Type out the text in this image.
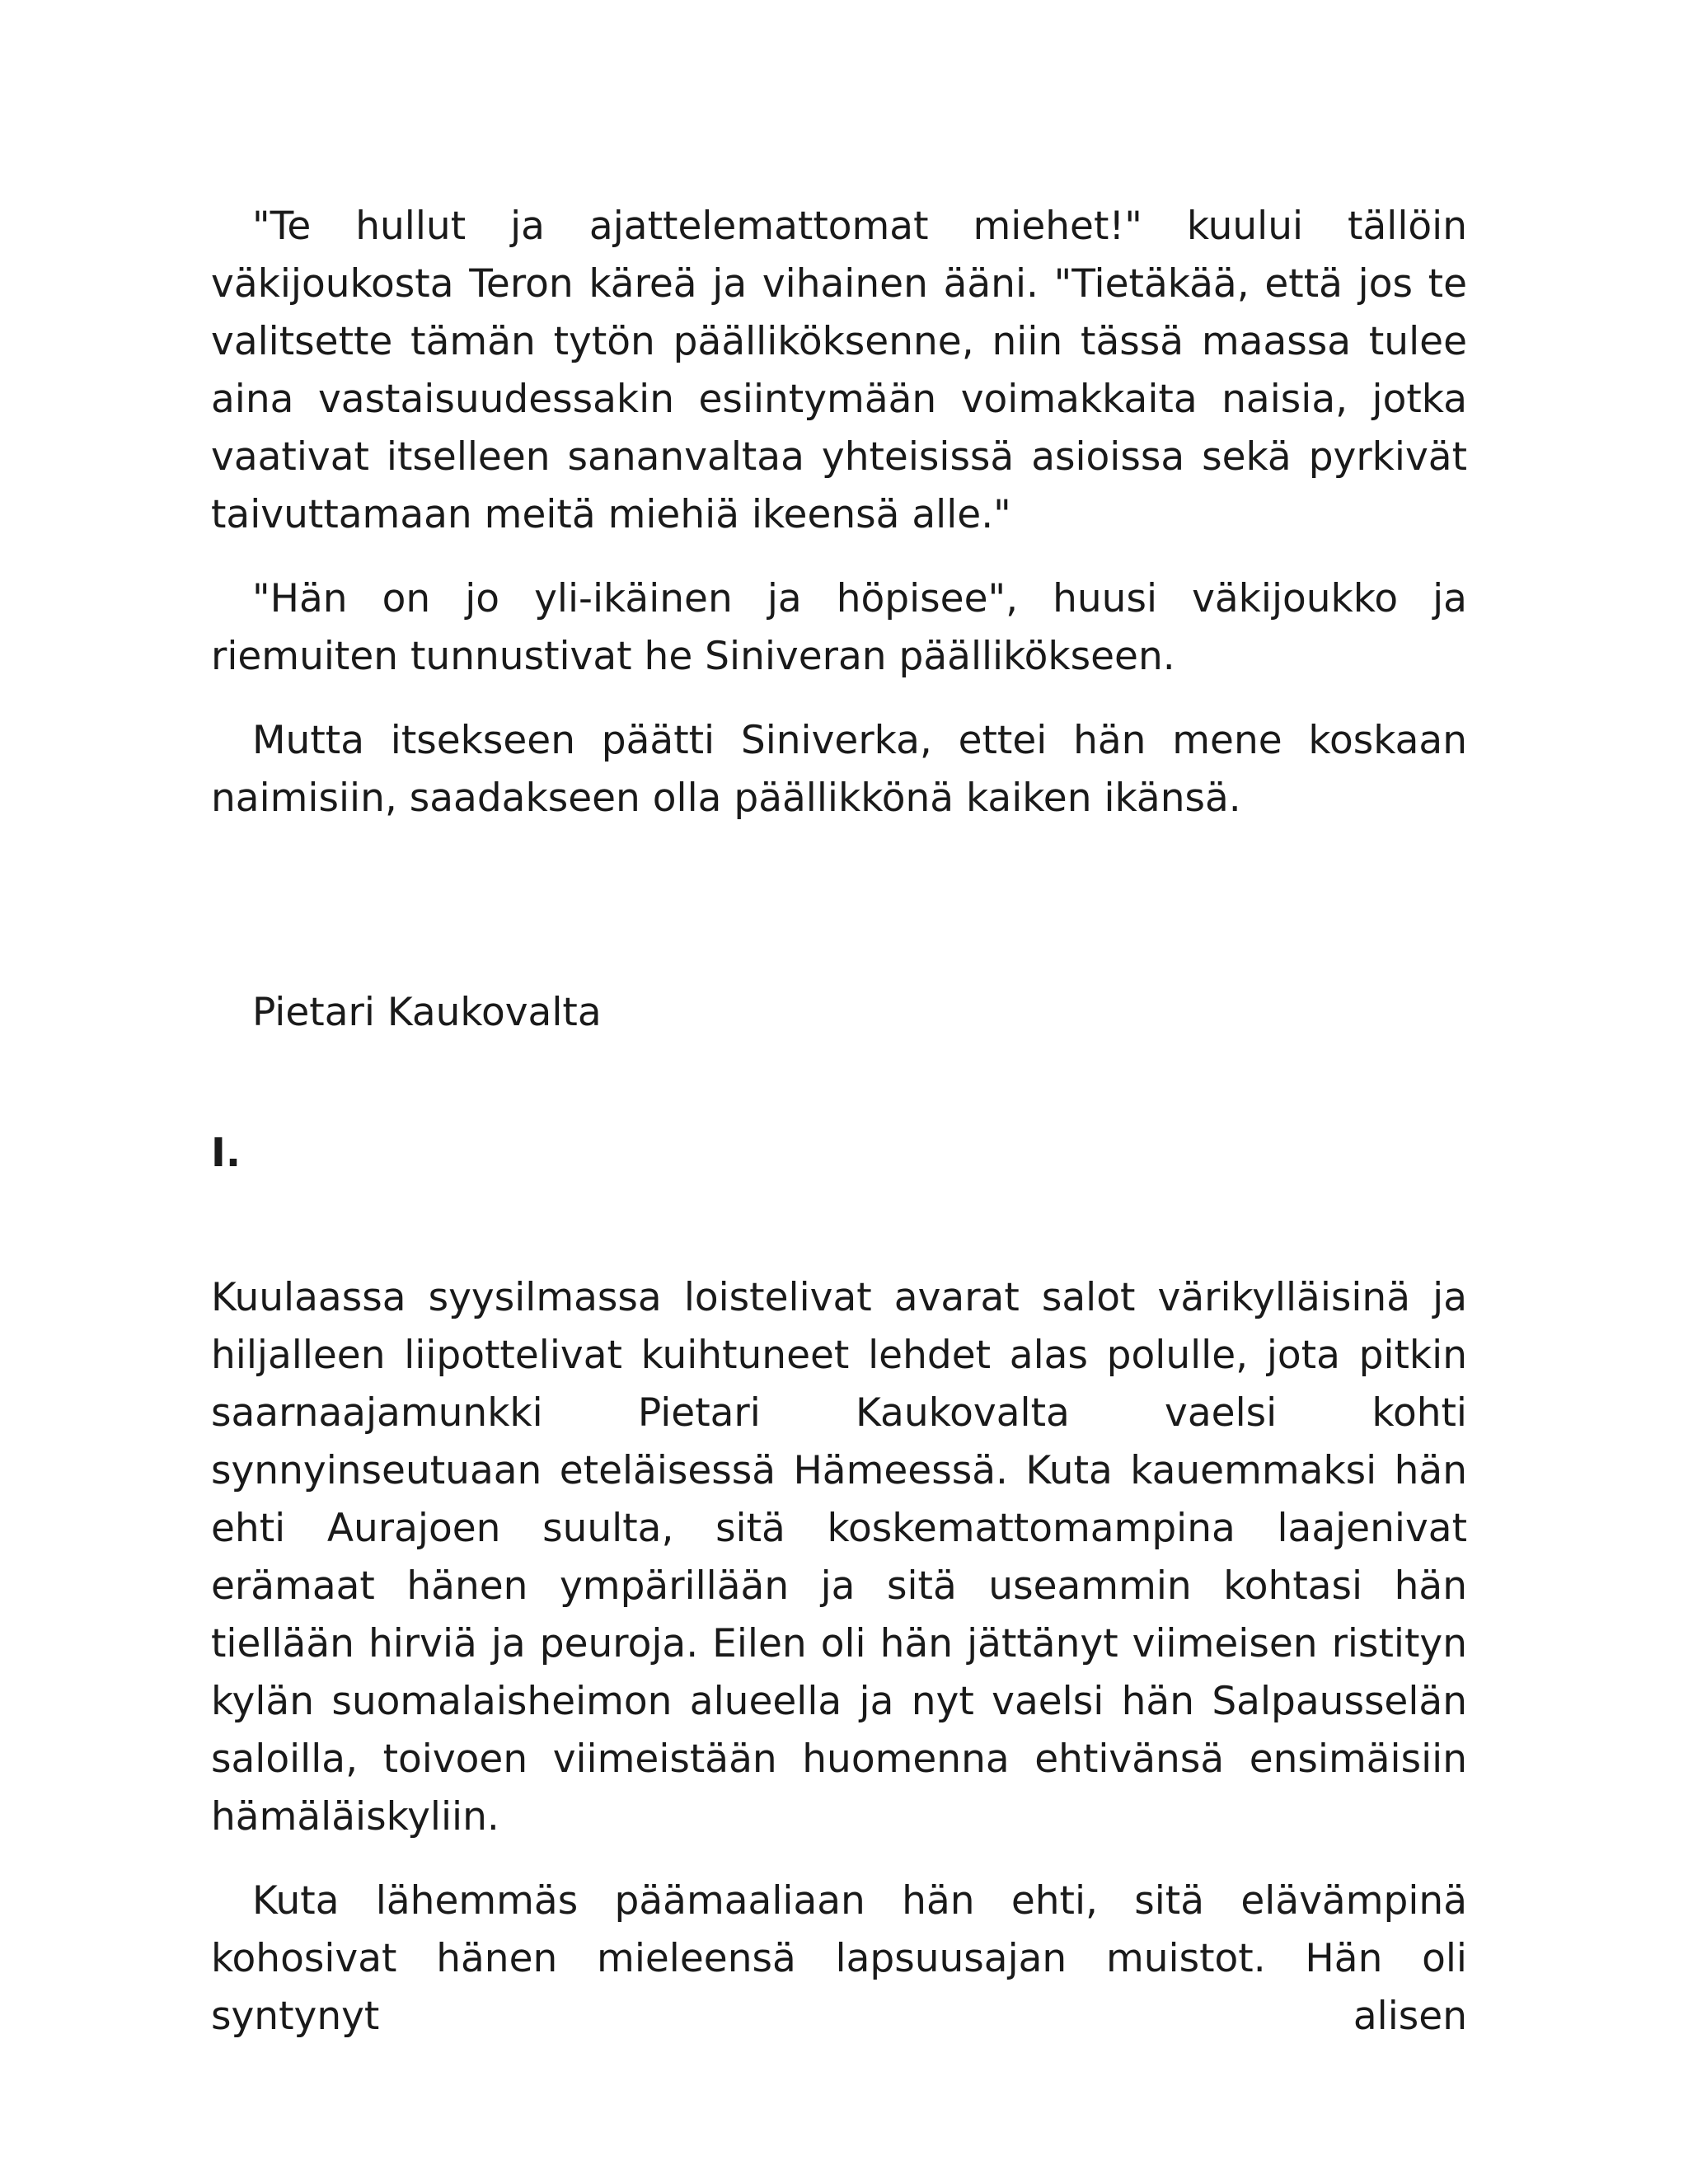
"Te hullut ja ajattelemattomat miehet!" kuului tällöin väkijoukosta Teron käreä ja vihainen ääni. "Tietäkää, että jos te valitsette tämän tytön päälliköksenne, niin tässä maassa tulee aina vastaisuudessakin esiintymään voimakkaita naisia, jotka vaativat itselleen sananvaltaa yhteisissä asioissa sekä pyrkivät taivuttamaan meitä miehiä ikeensä alle."

"Hän on jo yli-ikäinen ja höpisee", huusi väkijoukko ja riemuiten tunnustivat he Siniveran päällikökseen.

Mutta itsekseen päätti Siniverka, ettei hän mene koskaan naimisiin, saadakseen olla päällikkönä kaiken ikänsä.

Pietari Kaukovalta
I.

Kuulaassa syysilmassa loistelivat avarat salot värikylläisinä ja hiljalleen liipottelivat kuihtuneet lehdet alas polulle, jota pitkin saarnaajamunkki Pietari Kaukovalta vaelsi kohti synnyinseutuaan eteläisessä Hämeessä. Kuta kauemmaksi hän ehti Aurajoen suulta, sitä koskemattomampina laajenivat erämaat hänen ympärillään ja sitä useammin kohtasi hän tiellään hirviä ja peuroja. Eilen oli hän jättänyt viimeisen ristityn kylän suomalaisheimon alueella ja nyt vaelsi hän Salpausselän saloilla, toivoen viimeistään huomenna ehtivänsä ensimäisiin hämäläiskyliin.

Kuta lähemmäs päämaaliaan hän ehti, sitä elävämpinä kohosivat hänen mieleensä lapsuusajan muistot. Hän oli syntynyt alisen
